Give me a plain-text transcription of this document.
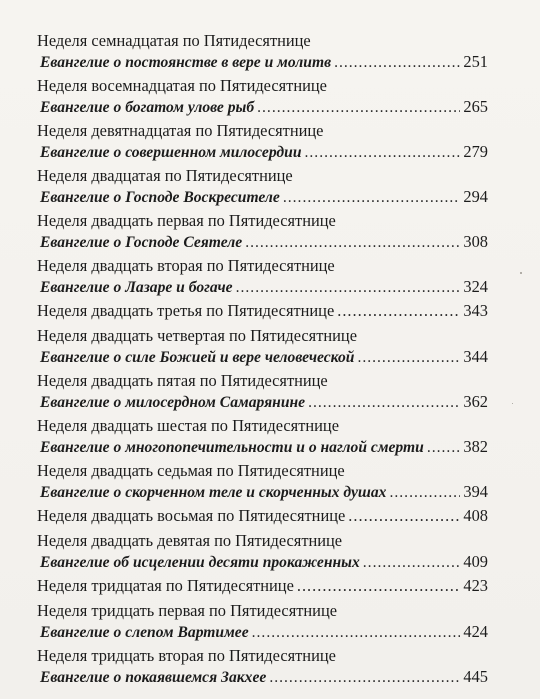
Неделя семнадцатая по Пятидесятнице
Евангелие о постоянстве в вере и молитв .....	251
Неделя восемнадцатая по Пятидесятнице
Евангелие о богатом улове рыб .....	265
Неделя девятнадцатая по Пятидесятнице
Евангелие о совершенном милосердии .....	279
Неделя двадцатая по Пятидесятнице
Евангелие о Господе Воскресителе .....	294
Неделя двадцать первая по Пятидесятнице
Евангелие о Господе Сеятеле .....	308
Неделя двадцать вторая по Пятидесятнице
Евангелие о Лазаре и богаче .....	324
Неделя двадцать третья по Пятидесятнице .....	343
Неделя двадцать четвертая по Пятидесятнице
Евангелие о силе Божией и вере человеческой .....	344
Неделя двадцать пятая по Пятидесятнице
Евангелие о милосердном Самарянине .....	362
Неделя двадцать шестая по Пятидесятнице
Евангелие о многопопечительности и о наглой смерти ..... 382
Неделя двадцать седьмая по Пятидесятнице
Евангелие о скорченном теле и скорченных душах .....	394
Неделя двадцать восьмая по Пятидесятнице .....	408
Неделя двадцать девятая по Пятидесятнице
Евангелие об исцелении десяти прокаженных .....	409
Неделя тридцатая по Пятидесятнице .....	423
Неделя тридцать первая по Пятидесятнице
Евангелие о слепом Вартимее .....	424
Неделя тридцать вторая по Пятидесятнице
Евангелие о покаявшемся Закхее .....	445
